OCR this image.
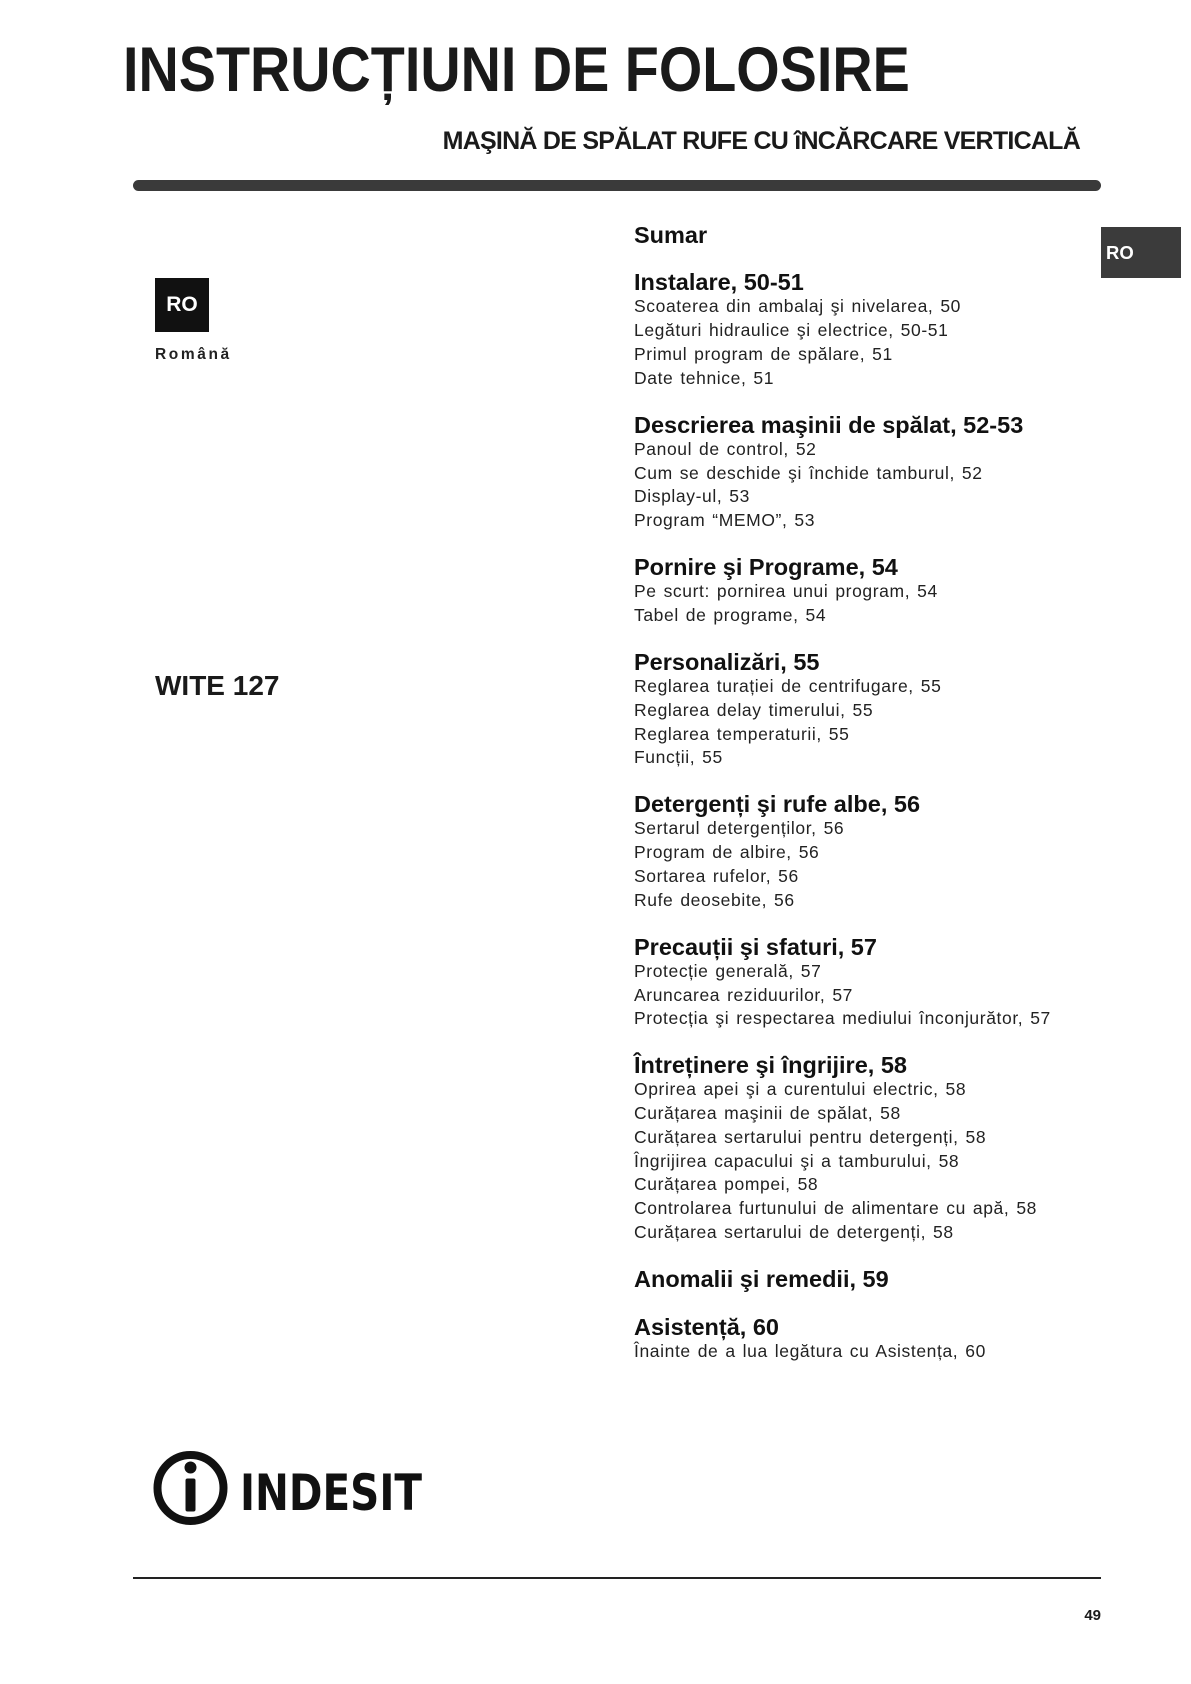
INSTRUCȚIUNI DE FOLOSIRE
MAŞINĂ DE SPĂLAT RUFE CU îNCĂRCARE VERTICALĂ
RO
RO
Română
WITE 127
Sumar
Instalare, 50-51
Scoaterea din ambalaj şi nivelarea, 50
Legături hidraulice şi electrice, 50-51
Primul program de spălare, 51
Date tehnice, 51
Descrierea maşinii de spălat, 52-53
Panoul de control, 52
Cum se deschide şi închide tamburul, 52
Display-ul, 53
Program “MEMO”, 53
Pornire şi Programe, 54
Pe scurt: pornirea unui program, 54
Tabel de programe, 54
Personalizări, 55
Reglarea turației de centrifugare, 55
Reglarea delay timerului, 55
Reglarea temperaturii, 55
Funcții, 55
Detergenți şi rufe albe, 56
Sertarul detergenților, 56
Program de albire, 56
Sortarea rufelor, 56
Rufe deosebite, 56
Precauții şi sfaturi, 57
Protecție generală, 57
Aruncarea reziduurilor, 57
Protecția şi respectarea mediului înconjurător, 57
Întreținere şi îngrijire, 58
Oprirea apei şi a curentului electric, 58
Curățarea maşinii de spălat, 58
Curățarea sertarului pentru detergenți, 58
Îngrijirea capacului şi a tamburului, 58
Curățarea pompei, 58
Controlarea furtunului de alimentare cu apă, 58
Curățarea sertarului de detergenți, 58
Anomalii şi remedii, 59
Asistență, 60
Înainte de a lua legătura cu Asistența, 60
INDESIT
49
